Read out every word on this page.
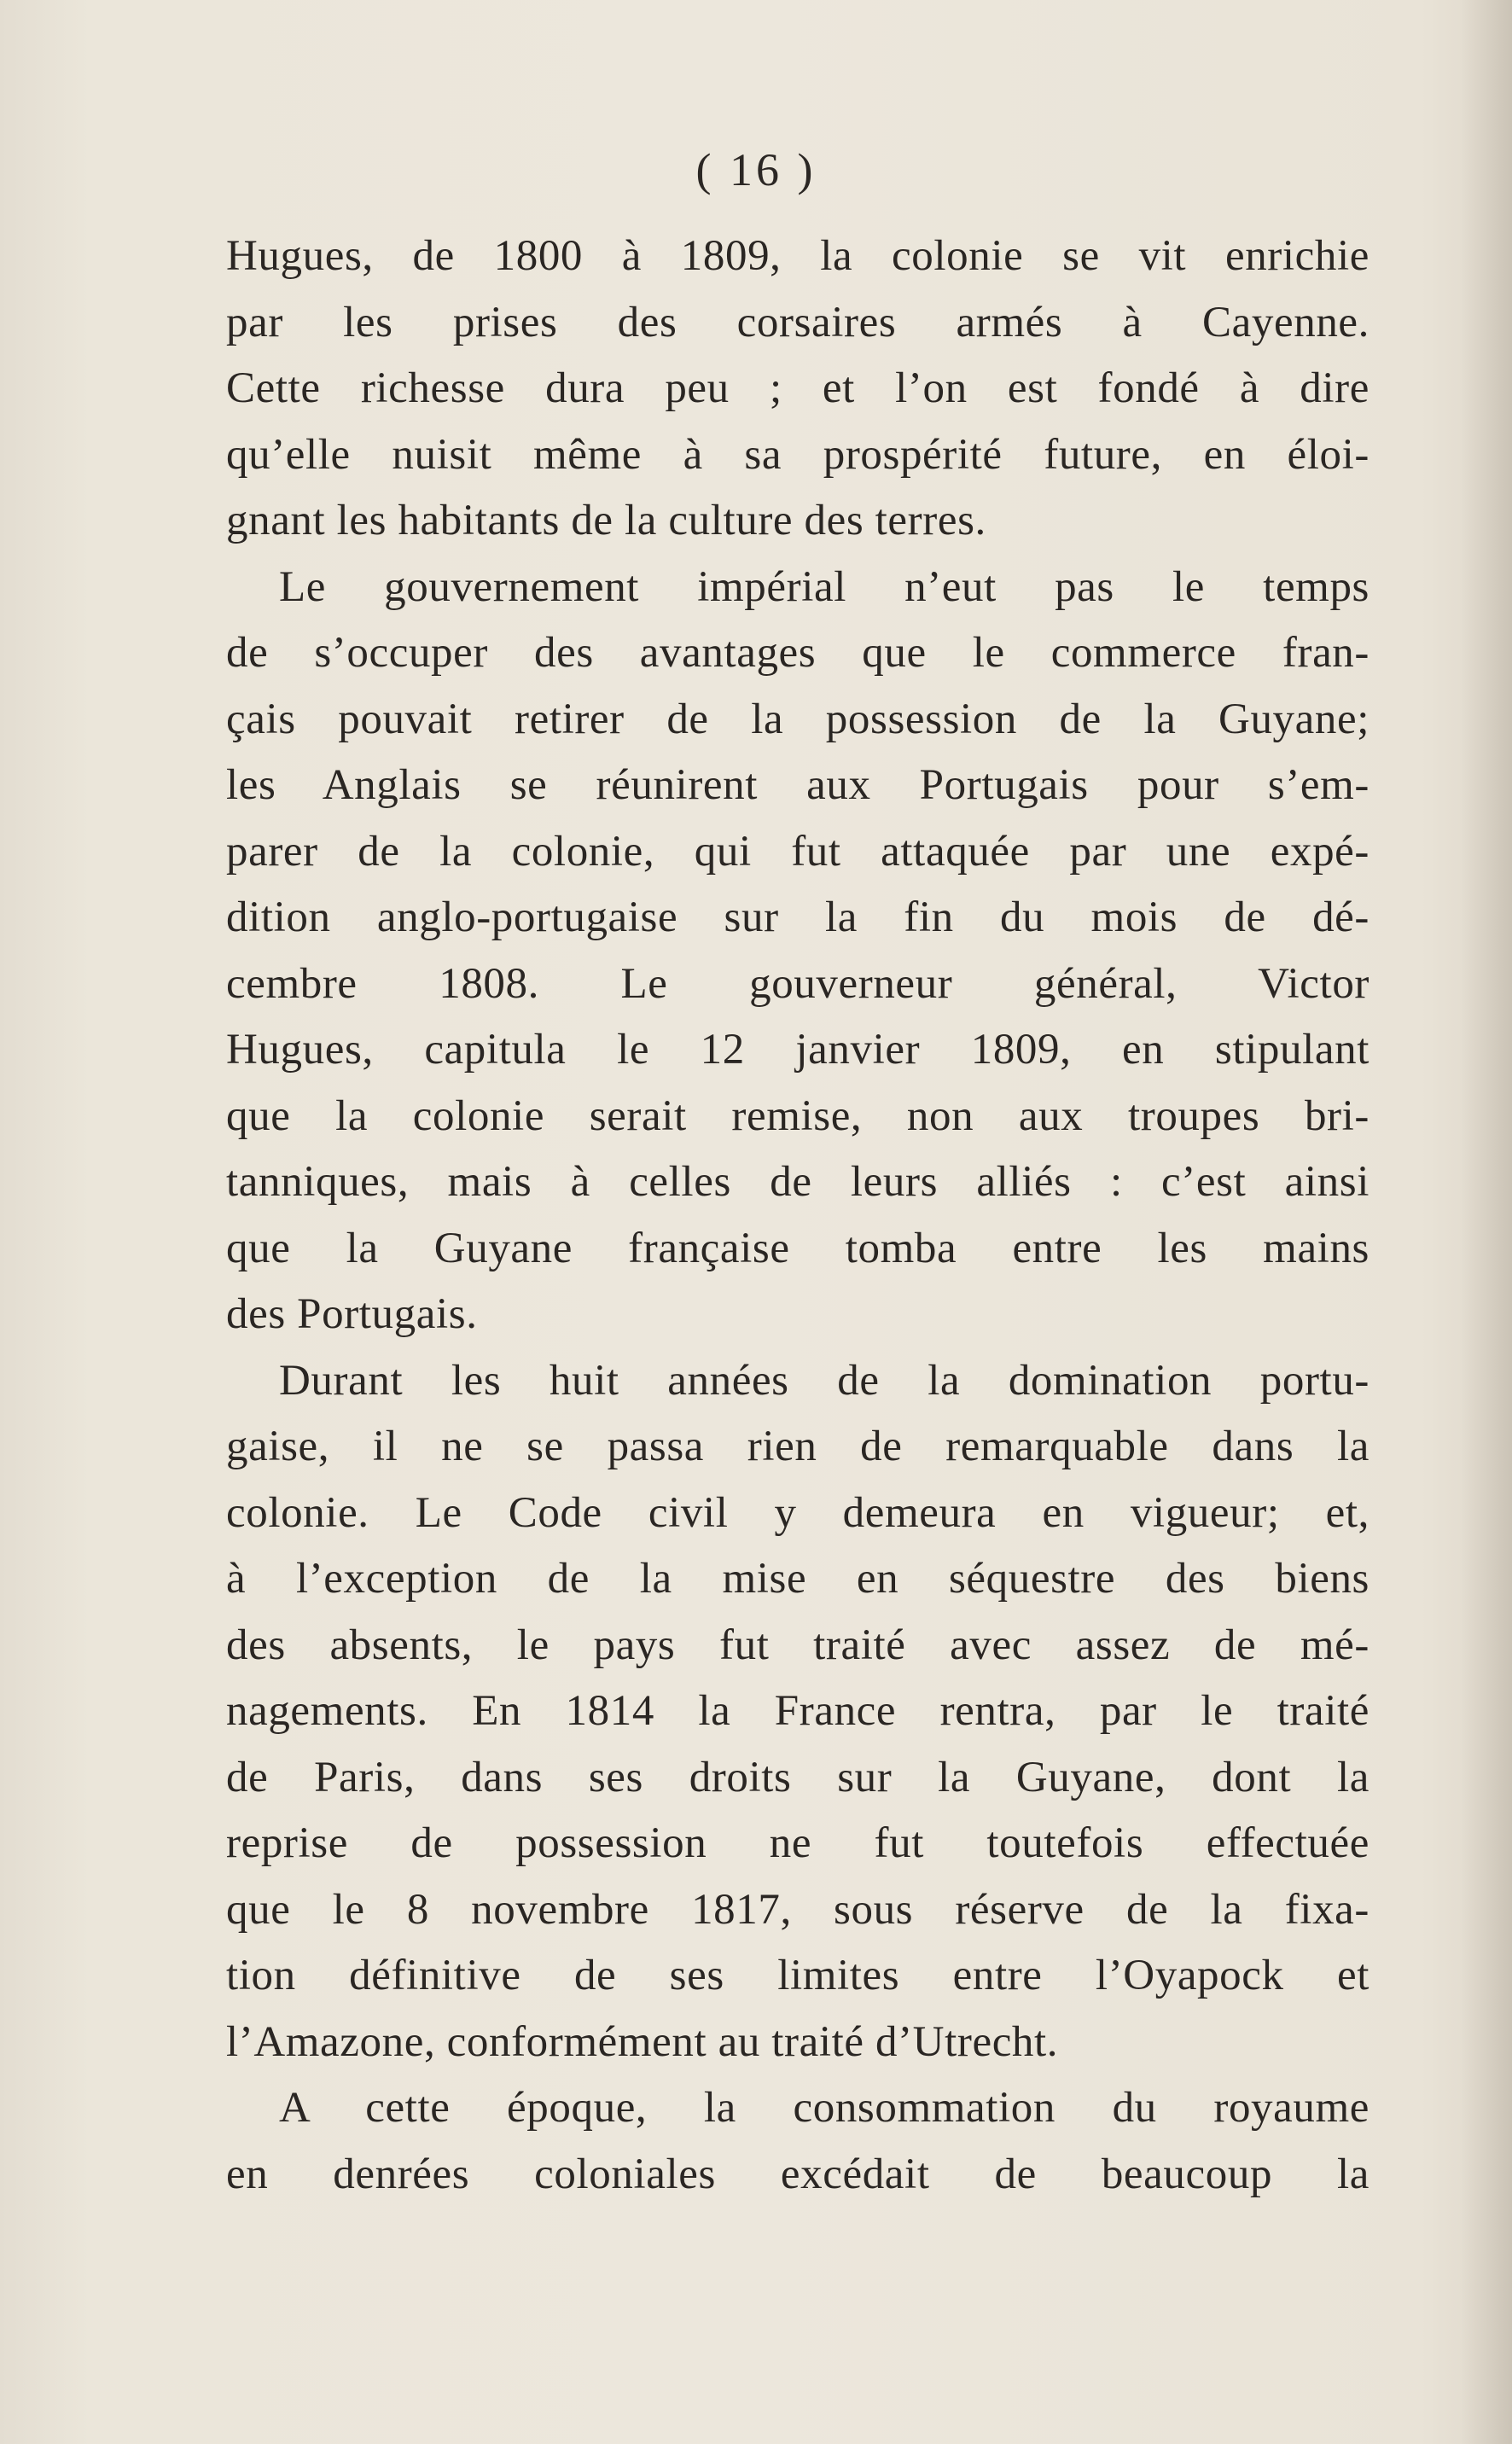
( 16 )
Hugues, de 1800 à 1809, la colonie se vit enrichie
par les prises des corsaires armés à Cayenne.
Cette richesse dura peu ; et l’on est fondé à dire
qu’elle nuisit même à sa prospérité future, en éloi-
gnant les habitants de la culture des terres.
Le gouvernement impérial n’eut pas le temps
de s’occuper des avantages que le commerce fran-
çais pouvait retirer de la possession de la Guyane;
les Anglais se réunirent aux Portugais pour s’em-
parer de la colonie, qui fut attaquée par une expé-
dition anglo-portugaise sur la fin du mois de dé-
cembre 1808. Le gouverneur général, Victor
Hugues, capitula le 12 janvier 1809, en stipulant
que la colonie serait remise, non aux troupes bri-
tanniques, mais à celles de leurs alliés : c’est ainsi
que la Guyane française tomba entre les mains
des Portugais.
Durant les huit années de la domination portu-
gaise, il ne se passa rien de remarquable dans la
colonie. Le Code civil y demeura en vigueur; et,
à l’exception de la mise en séquestre des biens
des absents, le pays fut traité avec assez de mé-
nagements. En 1814 la France rentra, par le traité
de Paris, dans ses droits sur la Guyane, dont la
reprise de possession ne fut toutefois effectuée
que le 8 novembre 1817, sous réserve de la fixa-
tion définitive de ses limites entre l’Oyapock et
l’Amazone, conformément au traité d’Utrecht.
A cette époque, la consommation du royaume
en denrées coloniales excédait de beaucoup la
